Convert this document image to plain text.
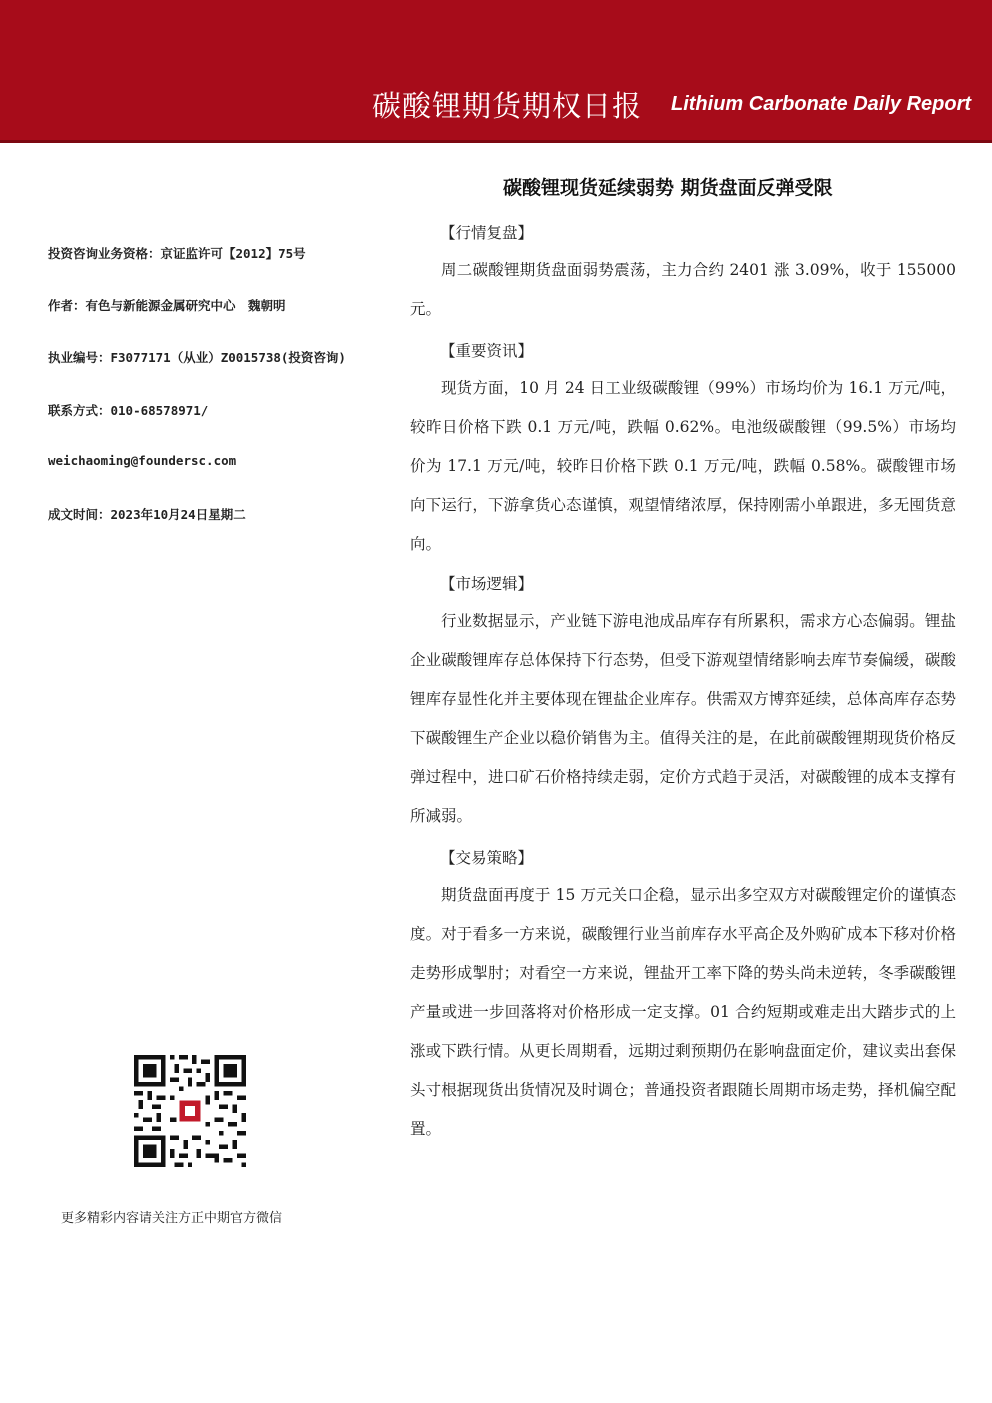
碳酸锂期货期权日报 Lithium Carbonate Daily Report
投资咨询业务资格：京证监许可【2012】75号
作者：有色与新能源金属研究中心　魏朝明
执业编号：F3077171（从业）Z0015738(投资咨询)
联系方式：010-68578971/
weichaoming@foundersc.com
成文时间：2023年10月24日星期二
更多精彩内容请关注方正中期官方微信
碳酸锂现货延续弱势 期货盘面反弹受限
【行情复盘】

周二碳酸锂期货盘面弱势震荡，主力合约 2401 涨 3.09%，收于 155000 元。

【重要资讯】

现货方面，10 月 24 日工业级碳酸锂（99%）市场均价为 16.1 万元/吨，较昨日价格下跌 0.1 万元/吨，跌幅 0.62%。电池级碳酸锂（99.5%）市场均价为 17.1 万元/吨，较昨日价格下跌 0.1 万元/吨，跌幅 0.58%。碳酸锂市场向下运行，下游拿货心态谨慎，观望情绪浓厚，保持刚需小单跟进，多无囤货意向。

【市场逻辑】

行业数据显示，产业链下游电池成品库存有所累积，需求方心态偏弱。锂盐企业碳酸锂库存总体保持下行态势，但受下游观望情绪影响去库节奏偏缓，碳酸锂库存显性化并主要体现在锂盐企业库存。供需双方博弈延续，总体高库存态势下碳酸锂生产企业以稳价销售为主。值得关注的是，在此前碳酸锂期现货价格反弹过程中，进口矿石价格持续走弱，定价方式趋于灵活，对碳酸锂的成本支撑有所减弱。

【交易策略】

期货盘面再度于 15 万元关口企稳，显示出多空双方对碳酸锂定价的谨慎态度。对于看多一方来说，碳酸锂行业当前库存水平高企及外购矿成本下移对价格走势形成掣肘；对看空一方来说，锂盐开工率下降的势头尚未逆转，冬季碳酸锂产量或进一步回落将对价格形成一定支撑。01 合约短期或难走出大踏步式的上涨或下跌行情。从更长周期看，远期过剩预期仍在影响盘面定价，建议卖出套保头寸根据现货出货情况及时调仓；普通投资者跟随长周期市场走势，择机偏空配置。
